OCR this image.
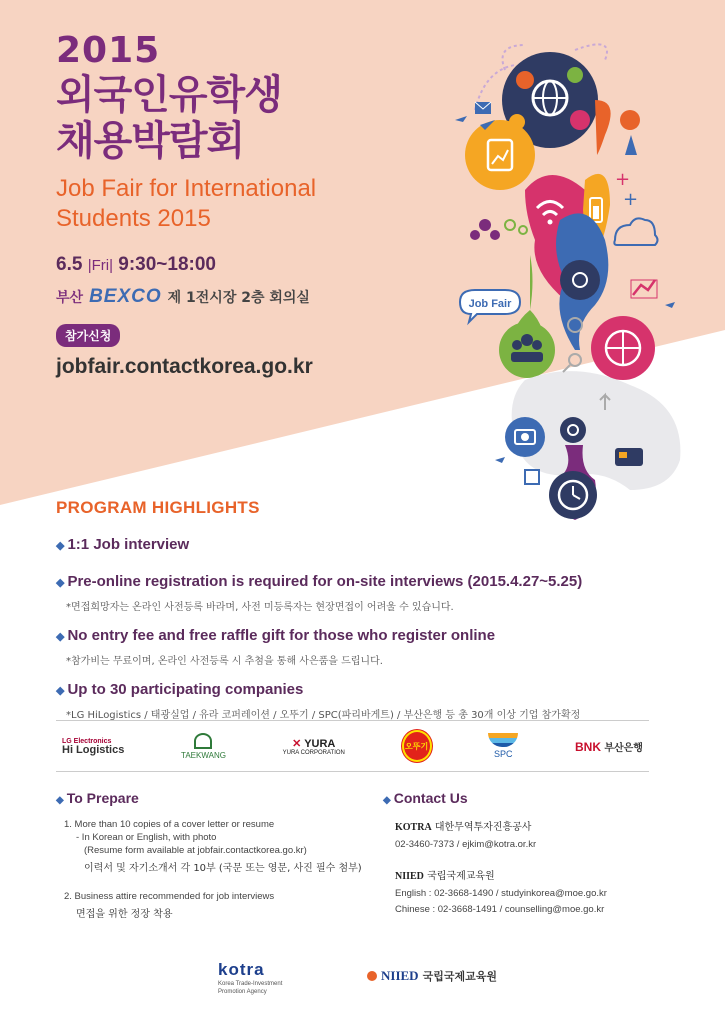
2015
외국인유학생
채용박람회
Job Fair for International
Students 2015
6.5 |Fri| 9:30~18:00
부산 BEXCO 제 1전시장 2층 회의실
참가신청
jobfair.contactkorea.go.kr
+
+
Job Fair
PROGRAM HIGHLIGHTS
◆ 1:1 Job interview
◆ Pre-online registration is required for on-site interviews (2015.4.27~5.25)
*면접희망자는 온라인 사전등록 바라며, 사전 미등록자는 현장면접이 어려울 수 있습니다.
◆ No entry fee and free raffle gift for those who register online
*참가비는 무료이며, 온라인 사전등록 시 추첨을 통해 사은품을 드립니다.
◆ Up to 30 participating companies
*LG HiLogistics / 태광실업 / 유라 코퍼레이션 / 오뚜기 / SPC(파리바게트) / 부산은행 등 총 30개 이상 기업 참가확정
LG Electronics
Hi Logistics	TAEKWANG
✕ YURA
YURA CORPORATION
오뚜기
SPC
BNK 부산은행
◆ To Prepare
1. More than 10 copies of a cover letter or resume
- In Korean or English, with photo
(Resume form available at jobfair.contactkorea.go.kr)
이력서 및 자기소개서 각 10부 (국문 또는 영문, 사진 필수 첨부)
2. Business attire recommended for job interviews
면접을 위한 정장 착용
◆ Contact Us
KOTRA 대한무역투자진흥공사
02-3460-7373 / ejkim@kotra.or.kr
NIIED 국립국제교육원
English : 02-3668-1490 / studyinkorea@moe.go.kr
Chinese : 02-3668-1491 / counselling@moe.go.kr
kotra
Korea Trade-Investment
Promotion Agency
NIIED 국립국제교육원
